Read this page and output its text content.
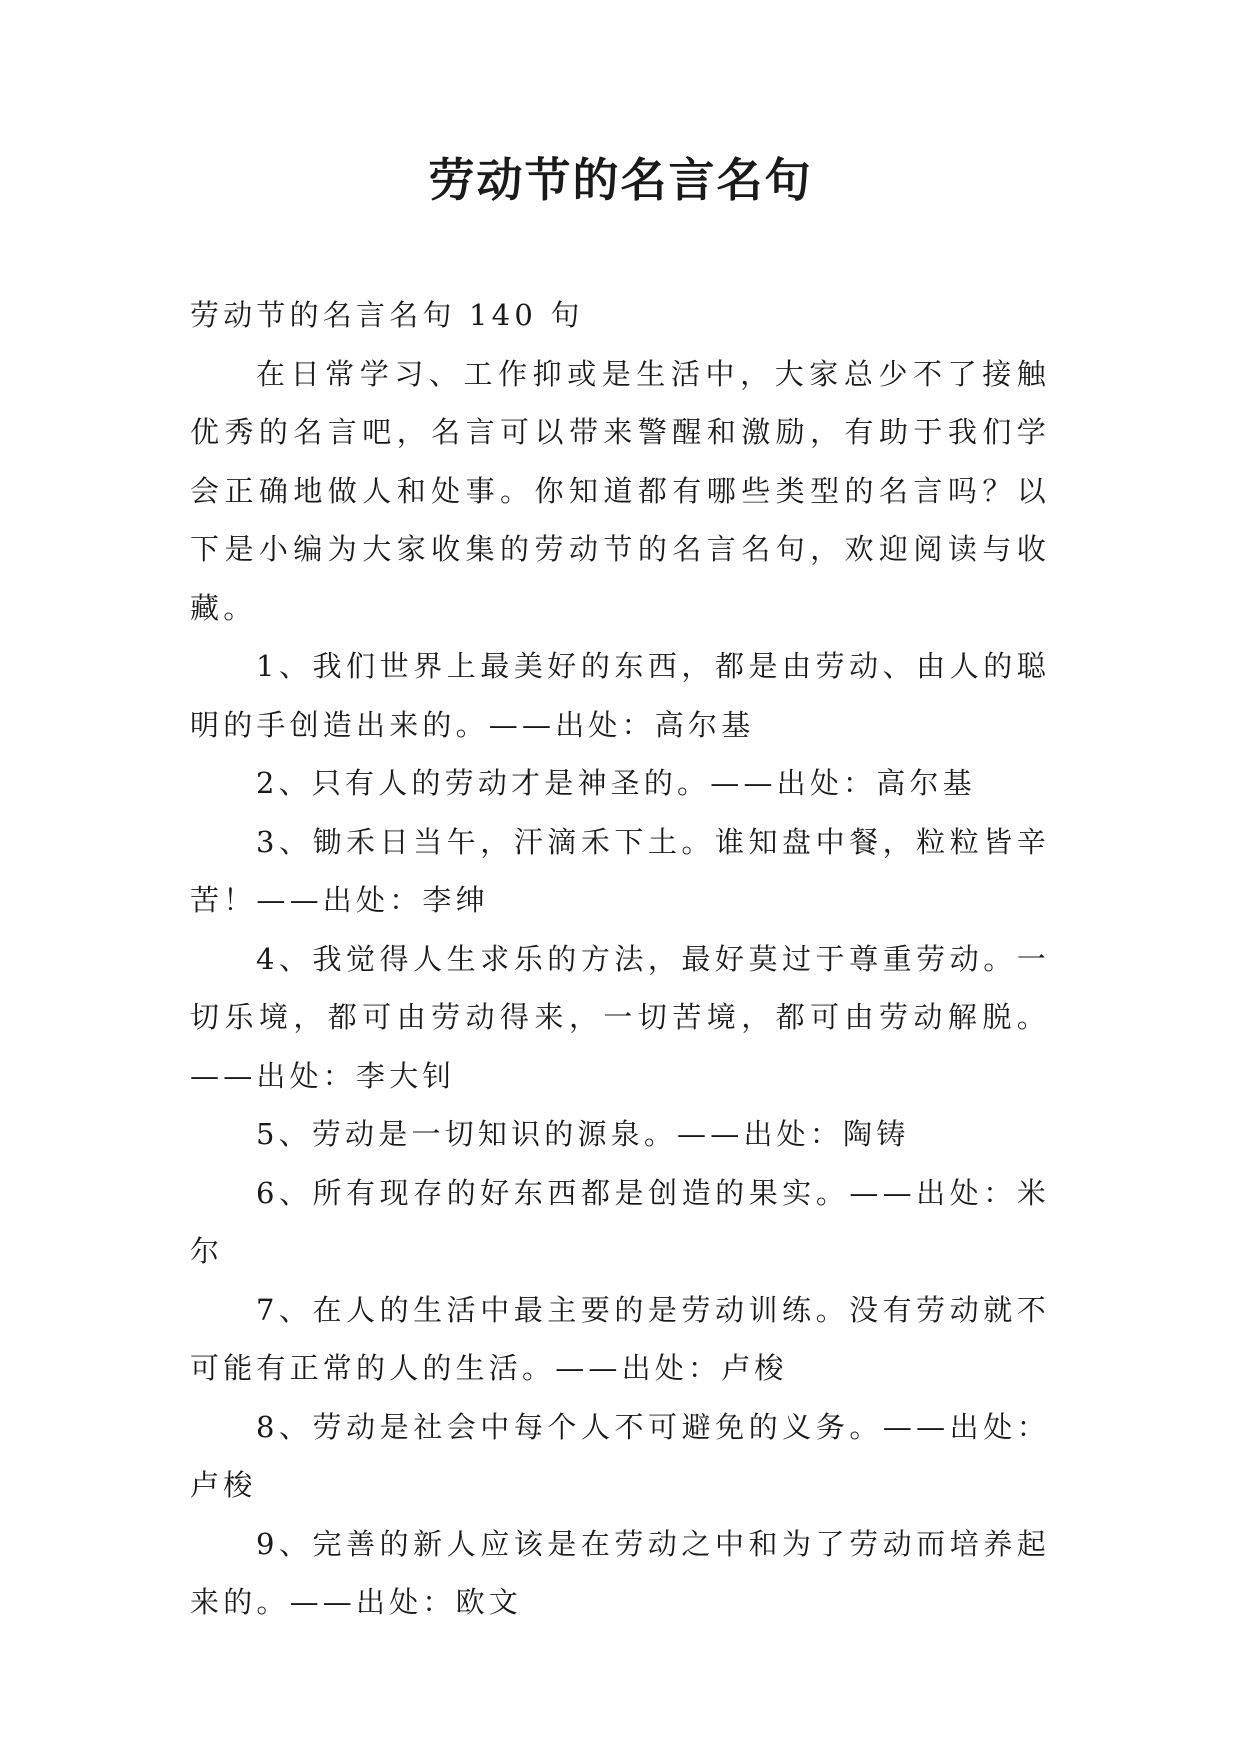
劳动节的名言名句

劳动节的名言名句 140 句

在日常学习、工作抑或是生活中，大家总少不了接触优秀的名言吧，名言可以带来警醒和激励，有助于我们学会正确地做人和处事。你知道都有哪些类型的名言吗？以下是小编为大家收集的劳动节的名言名句，欢迎阅读与收藏。

1、我们世界上最美好的东西，都是由劳动、由人的聪明的手创造出来的。——出处：高尔基

2、只有人的劳动才是神圣的。——出处：高尔基

3、锄禾日当午，汗滴禾下土。谁知盘中餐，粒粒皆辛苦！——出处：李绅

4、我觉得人生求乐的方法，最好莫过于尊重劳动。一切乐境，都可由劳动得来，一切苦境，都可由劳动解脱。——出处：李大钊

5、劳动是一切知识的源泉。——出处：陶铸

6、所有现存的好东西都是创造的果实。——出处：米尔

7、在人的生活中最主要的是劳动训练。没有劳动就不可能有正常的人的生活。——出处：卢梭

8、劳动是社会中每个人不可避免的义务。——出处：卢梭

9、完善的新人应该是在劳动之中和为了劳动而培养起来的。——出处：欧文
